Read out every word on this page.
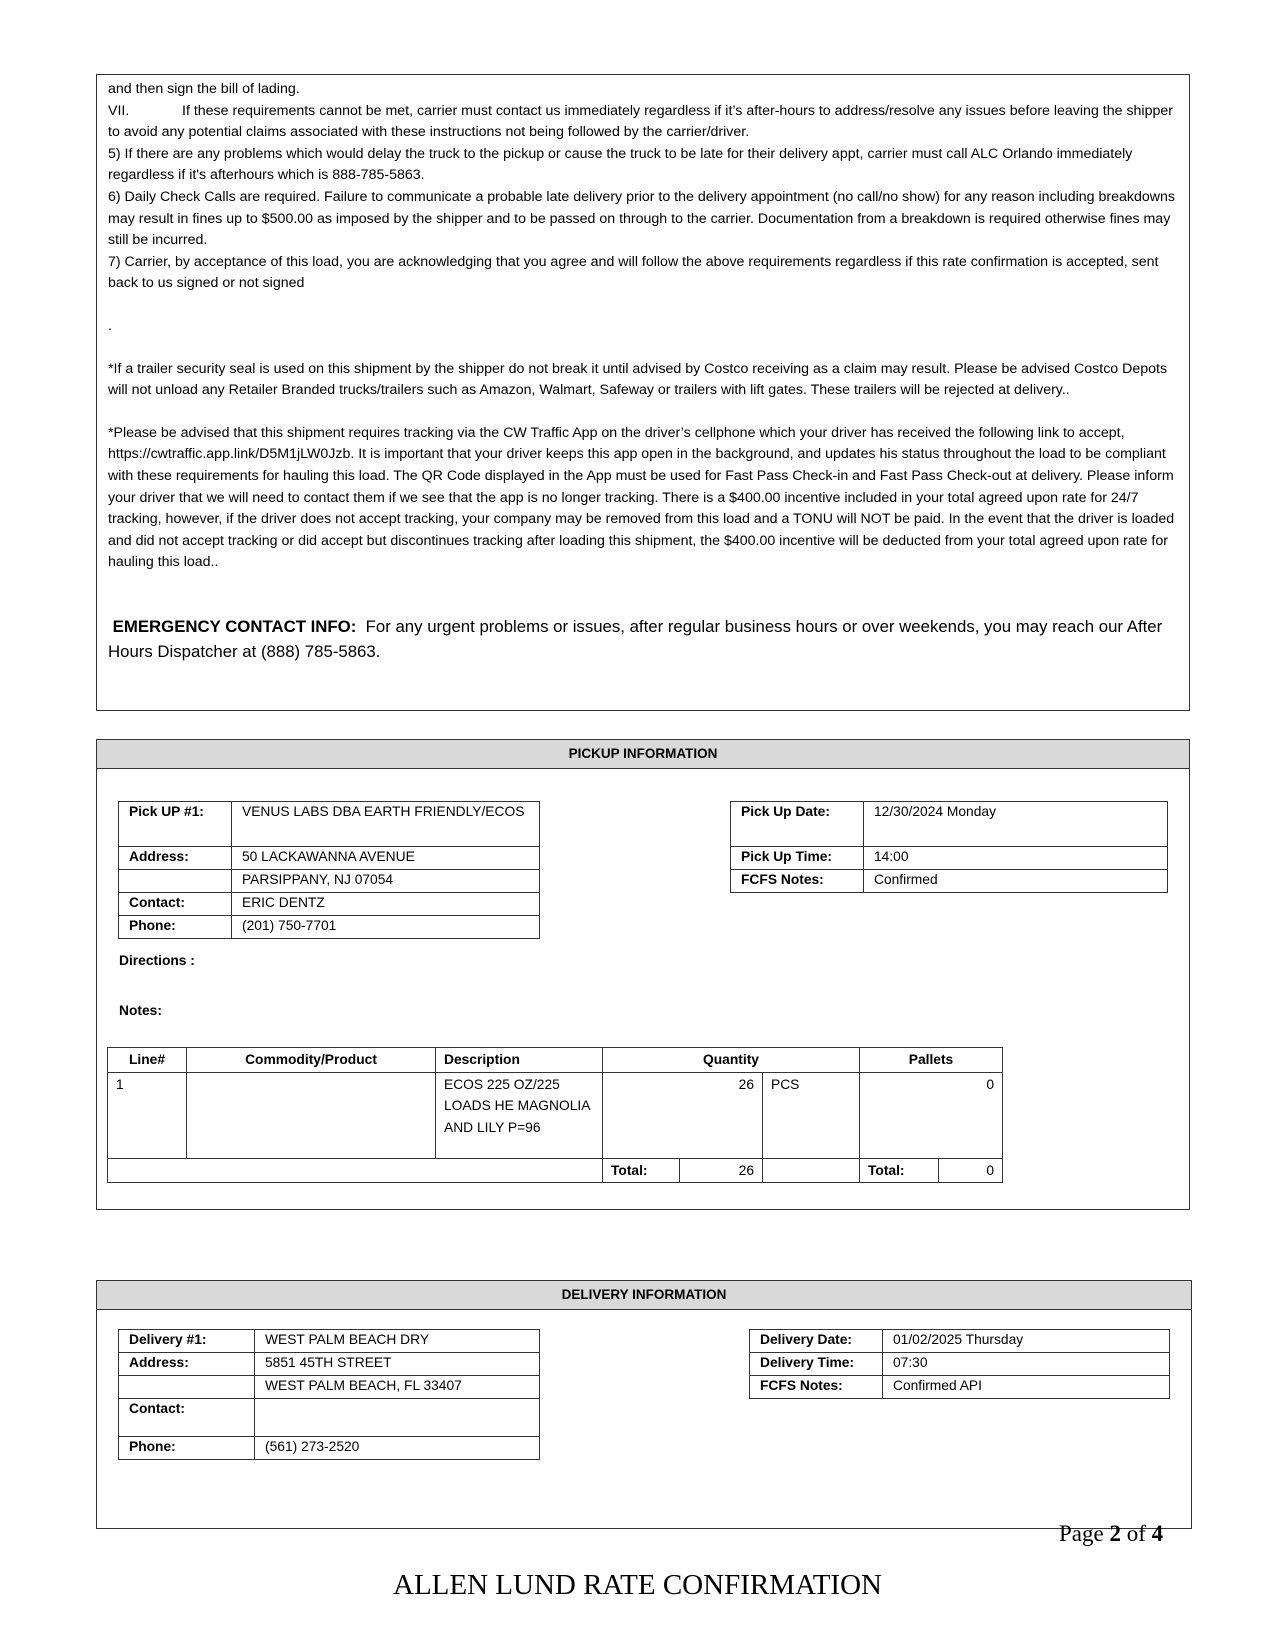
and then sign the bill of lading.

VII.	If these requirements cannot be met, carrier must contact us immediately regardless if it’s after-hours to address/resolve any issues before leaving the shipper to avoid any potential claims associated with these instructions not being followed by the carrier/driver.

5) If there are any problems which would delay the truck to the pickup or cause the truck to be late for their delivery appt, carrier must call ALC Orlando immediately regardless if it's afterhours which is 888-785-5863.

6) Daily Check Calls are required. Failure to communicate a probable late delivery prior to the delivery appointment (no call/no show) for any reason including breakdowns may result in fines up to $500.00 as imposed by the shipper and to be passed on through to the carrier. Documentation from a breakdown is required otherwise fines may still be incurred.

7) Carrier, by acceptance of this load, you are acknowledging that you agree and will follow the above requirements regardless if this rate confirmation is accepted, sent back to us signed or not signed

.

*If a trailer security seal is used on this shipment by the shipper do not break it until advised by Costco receiving as a claim may result. Please be advised Costco Depots will not unload any Retailer Branded trucks/trailers such as Amazon, Walmart, Safeway or trailers with lift gates. These trailers will be rejected at delivery..

*Please be advised that this shipment requires tracking via the CW Traffic App on the driver’s cellphone which your driver has received the following link to accept, https://cwtraffic.app.link/D5M1jLW0Jzb. It is important that your driver keeps this app open in the background, and updates his status throughout the load to be compliant with these requirements for hauling this load. The QR Code displayed in the App must be used for Fast Pass Check-in and Fast Pass Check-out at delivery. Please inform your driver that we will need to contact them if we see that the app is no longer tracking. There is a $400.00 incentive included in your total agreed upon rate for 24/7 tracking, however, if the driver does not accept tracking, your company may be removed from this load and a TONU will NOT be paid. In the event that the driver is loaded and did not accept tracking or did accept but discontinues tracking after loading this shipment, the $400.00 incentive will be deducted from your total agreed upon rate for hauling this load..

EMERGENCY CONTACT INFO: For any urgent problems or issues, after regular business hours or over weekends, you may reach our After Hours Dispatcher at (888) 785-5863.

PICKUP INFORMATION
Pick UP #1:	VENUS LABS DBA EARTH FRIENDLY/ECOS
Address:	50 LACKAWANNA AVENUE
	PARSIPPANY, NJ 07054
Contact:	ERIC DENTZ
Phone:	(201) 750-7701
Pick Up Date:	12/30/2024 Monday
Pick Up Time:	14:00
FCFS Notes:	Confirmed
Directions :
Notes:
Line#	Commodity/Product	Description	Quantity			Pallets	
1		ECOS 225 OZ/225 LOADS HE MAGNOLIA AND LILY P=96	26		PCS	0	
			Total:	26		Total:	0
DELIVERY INFORMATION
Delivery #1:	WEST PALM BEACH DRY
Address:	5851 45TH STREET
	WEST PALM BEACH, FL 33407
Contact:	
Phone:	(561) 273-2520
Delivery Date:	01/02/2025 Thursday
Delivery Time:	07:30
FCFS Notes:	Confirmed API
Page 2 of 4
ALLEN LUND RATE CONFIRMATION
